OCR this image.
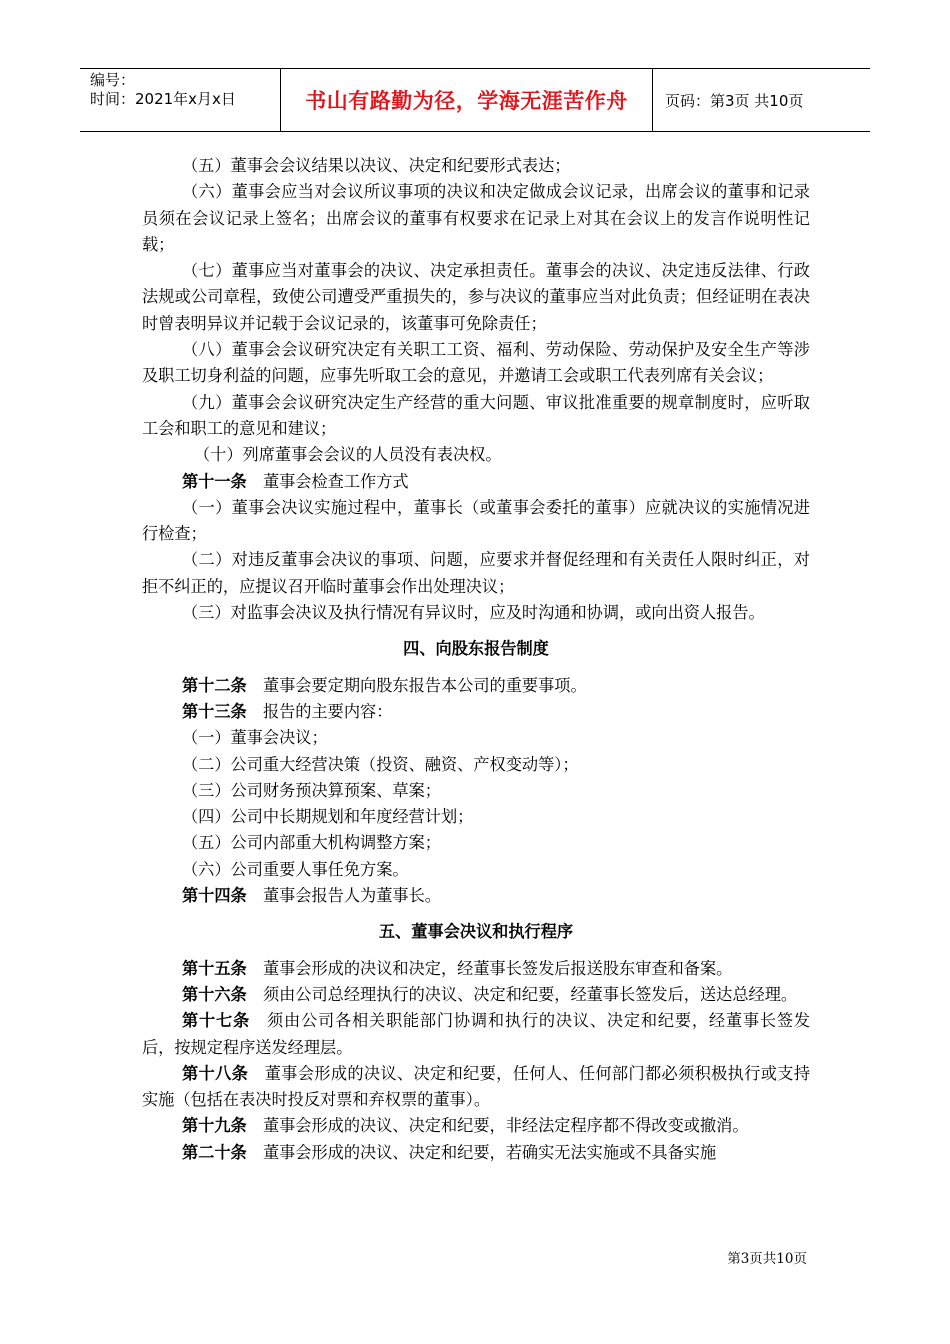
编号：
时间：2021年x月x日	书山有路勤为径，学海无涯苦作舟	页码：第3页 共10页

（五）董事会会议结果以决议、决定和纪要形式表达；

（六）董事会应当对会议所议事项的决议和决定做成会议记录，出席会议的董事和记录员须在会议记录上签名；出席会议的董事有权要求在记录上对其在会议上的发言作说明性记载；

（七）董事应当对董事会的决议、决定承担责任。董事会的决议、决定违反法律、行政法规或公司章程，致使公司遭受严重损失的，参与决议的董事应当对此负责；但经证明在表决时曾表明异议并记载于会议记录的，该董事可免除责任；

（八）董事会会议研究决定有关职工工资、福利、劳动保险、劳动保护及安全生产等涉及职工切身利益的问题，应事先听取工会的意见，并邀请工会或职工代表列席有关会议；

（九）董事会会议研究决定生产经营的重大问题、审议批准重要的规章制度时，应听取工会和职工的意见和建议；

（十）列席董事会会议的人员没有表决权。

第十一条  董事会检查工作方式

（一）董事会决议实施过程中，董事长（或董事会委托的董事）应就决议的实施情况进行检查；

（二）对违反董事会决议的事项、问题，应要求并督促经理和有关责任人限时纠正，对拒不纠正的，应提议召开临时董事会作出处理决议；

（三）对监事会决议及执行情况有异议时，应及时沟通和协调，或向出资人报告。

四、向股东报告制度

第十二条  董事会要定期向股东报告本公司的重要事项。

第十三条  报告的主要内容：

（一）董事会决议；

（二）公司重大经营决策（投资、融资、产权变动等）；

（三）公司财务预决算预案、草案；

（四）公司中长期规划和年度经营计划；

（五）公司内部重大机构调整方案；

（六）公司重要人事任免方案。

第十四条  董事会报告人为董事长。

五、董事会决议和执行程序

第十五条  董事会形成的决议和决定，经董事长签发后报送股东审查和备案。

第十六条  须由公司总经理执行的决议、决定和纪要，经董事长签发后，送达总经理。

第十七条  须由公司各相关职能部门协调和执行的决议、决定和纪要，经董事长签发后，按规定程序送发经理层。

第十八条  董事会形成的决议、决定和纪要，任何人、任何部门都必须积极执行或支持实施（包括在表决时投反对票和弃权票的董事）。

第十九条  董事会形成的决议、决定和纪要，非经法定程序都不得改变或撤消。

第二十条  董事会形成的决议、决定和纪要，若确实无法实施或不具备实施

第3页共10页
